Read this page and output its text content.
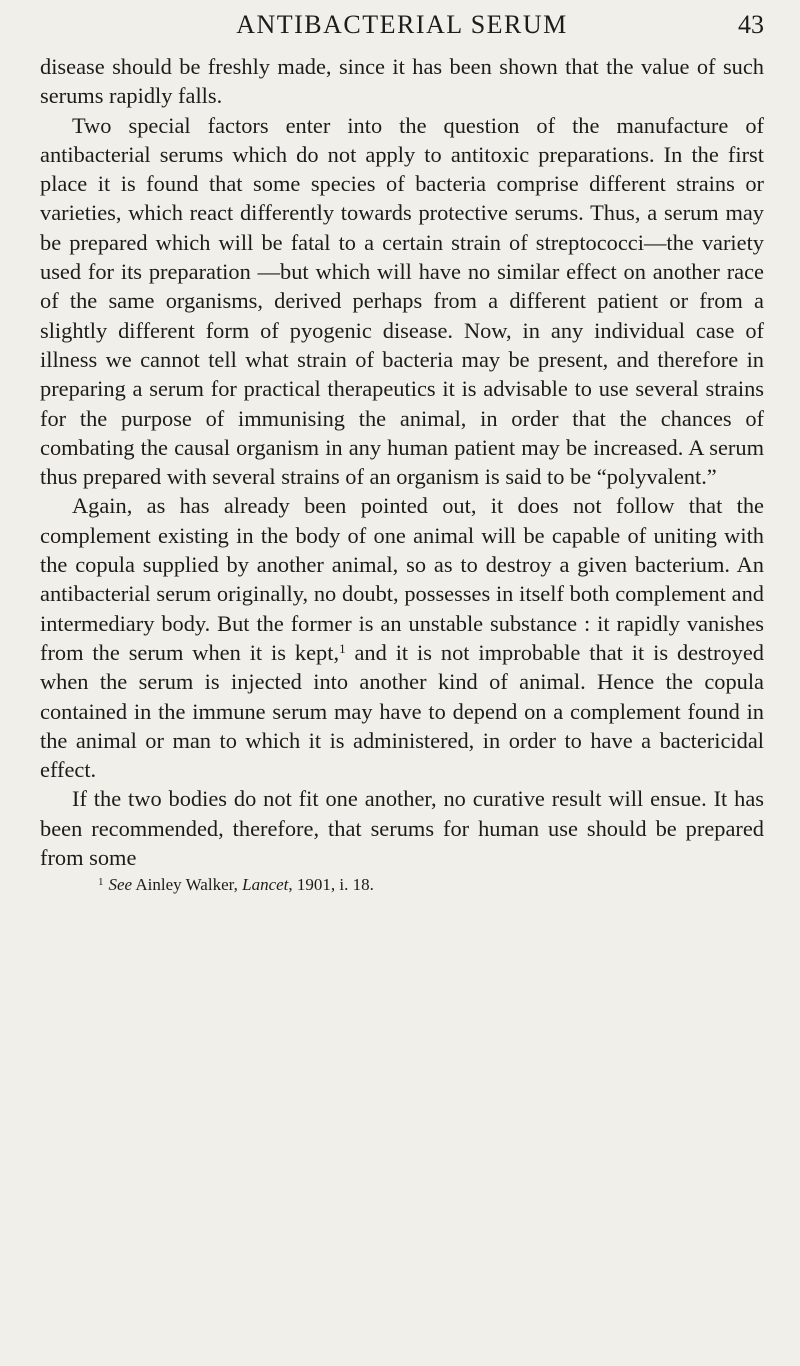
ANTIBACTERIAL SERUM	43

disease should be freshly made, since it has been shown that the value of such serums rapidly falls.

Two special factors enter into the question of the manufacture of antibacterial serums which do not apply to antitoxic preparations. In the first place it is found that some species of bacteria comprise different strains or varieties, which react differently towards protective serums. Thus, a serum may be prepared which will be fatal to a certain strain of streptococci—the variety used for its preparation —but which will have no similar effect on another race of the same organisms, derived perhaps from a different patient or from a slightly different form of pyogenic disease. Now, in any individual case of illness we cannot tell what strain of bacteria may be present, and therefore in preparing a serum for practical therapeutics it is advisable to use several strains for the purpose of immunising the animal, in order that the chances of combating the causal organism in any human patient may be increased. A serum thus prepared with several strains of an organism is said to be “polyvalent.”

Again, as has already been pointed out, it does not follow that the complement existing in the body of one animal will be capable of uniting with the copula supplied by another animal, so as to destroy a given bacterium. An antibacterial serum originally, no doubt, possesses in itself both complement and intermediary body. But the former is an unstable substance : it rapidly vanishes from the serum when it is kept,$^1$ and it is not improbable that it is destroyed when the serum is injected into another kind of animal. Hence the copula contained in the immune serum may have to depend on a complement found in the animal or man to which it is administered, in order to have a bactericidal effect.

If the two bodies do not fit one another, no curative result will ensue. It has been recommended, therefore, that serums for human use should be prepared from some

$^1$ See Ainley Walker, Lancet, 1901, i. 18.
